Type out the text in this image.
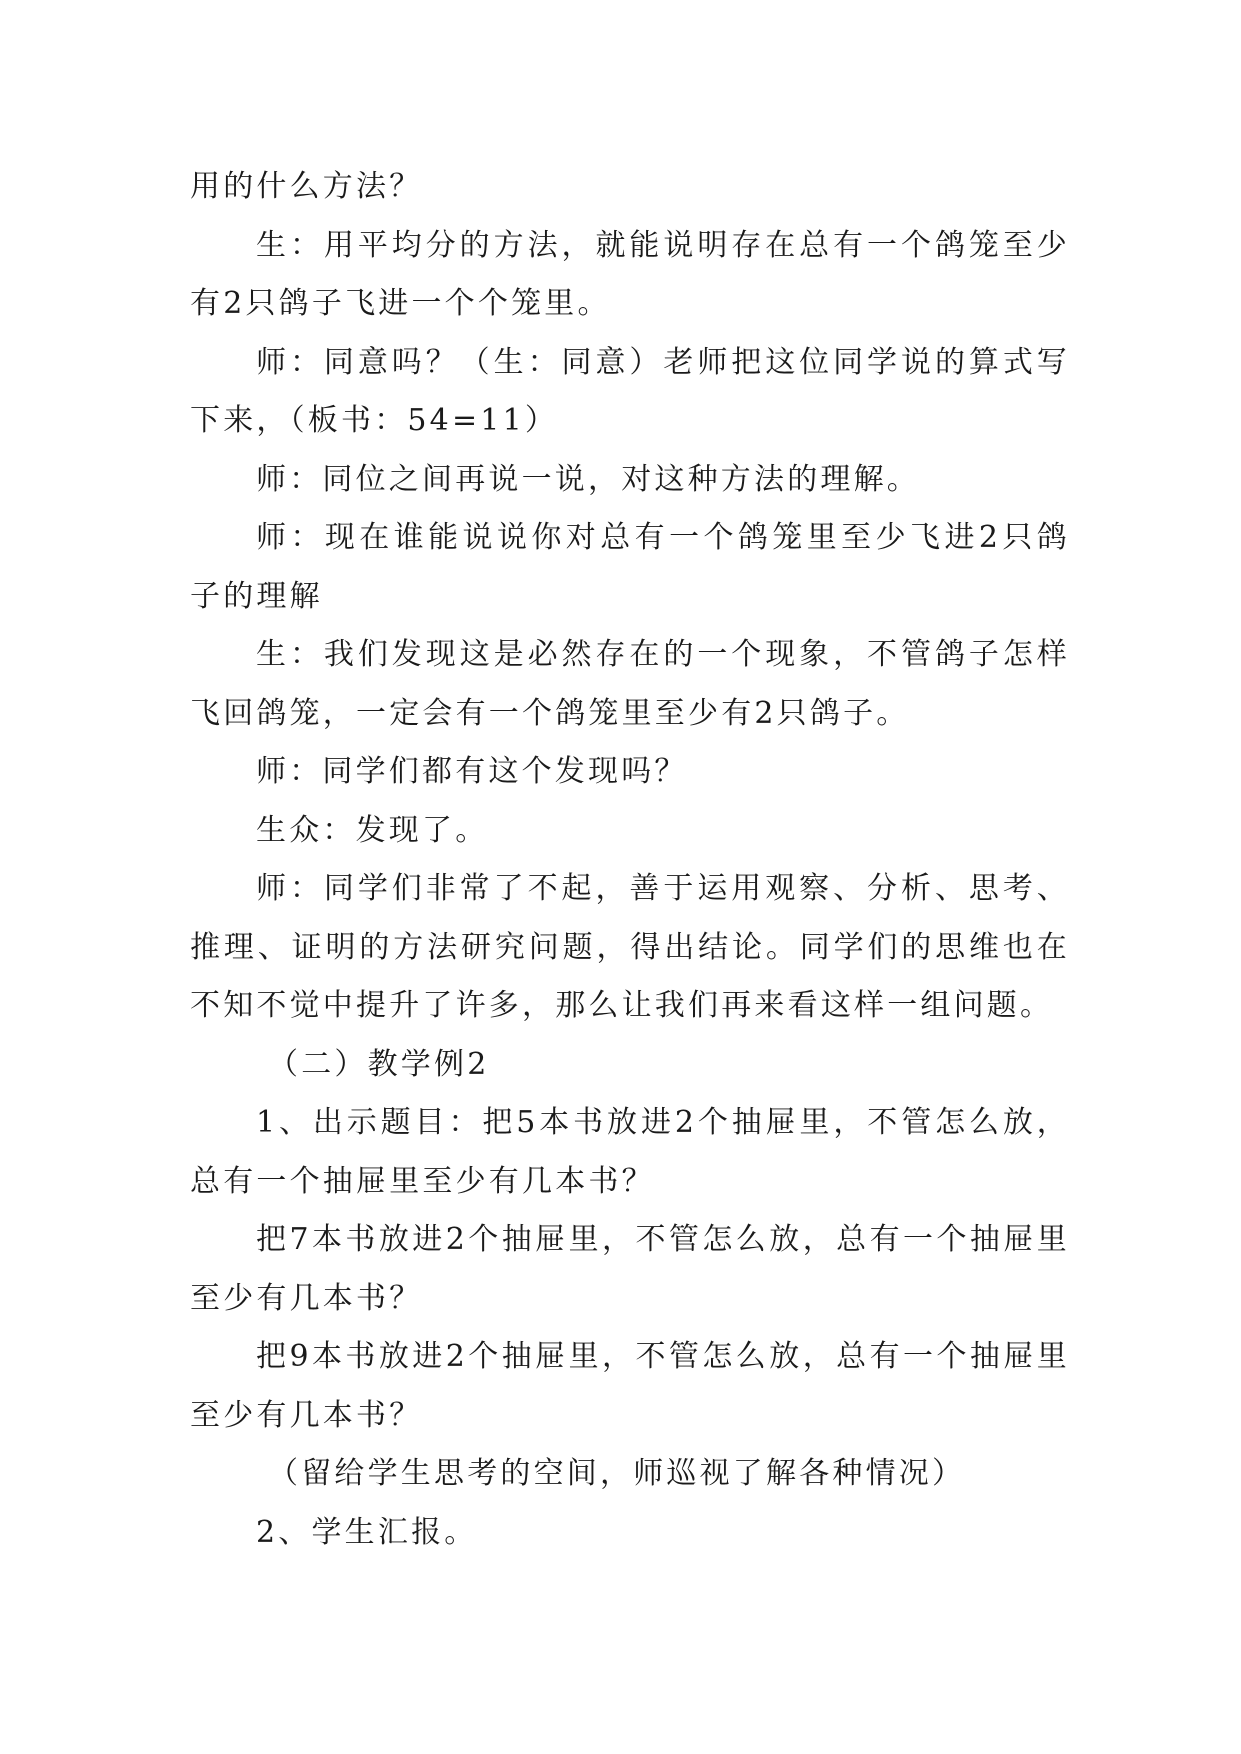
用的什么方法？

生：用平均分的方法，就能说明存在总有一个鸽笼至少有2只鸽子飞进一个个笼里。

师：同意吗？（生：同意）老师把这位同学说的算式写下来，（板书：54=11）

师：同位之间再说一说，对这种方法的理解。

师：现在谁能说说你对总有一个鸽笼里至少飞进2只鸽子的理解

生：我们发现这是必然存在的一个现象，不管鸽子怎样飞回鸽笼，一定会有一个鸽笼里至少有2只鸽子。

师：同学们都有这个发现吗？

生众：发现了。

师：同学们非常了不起，善于运用观察、分析、思考、推理、证明的方法研究问题，得出结论。同学们的思维也在不知不觉中提升了许多，那么让我们再来看这样一组问题。

（二）教学例2

1、出示题目：把5本书放进2个抽屉里，不管怎么放，总有一个抽屉里至少有几本书？

把7本书放进2个抽屉里，不管怎么放，总有一个抽屉里至少有几本书？

把9本书放进2个抽屉里，不管怎么放，总有一个抽屉里至少有几本书？

（留给学生思考的空间，师巡视了解各种情况）

2、学生汇报。
